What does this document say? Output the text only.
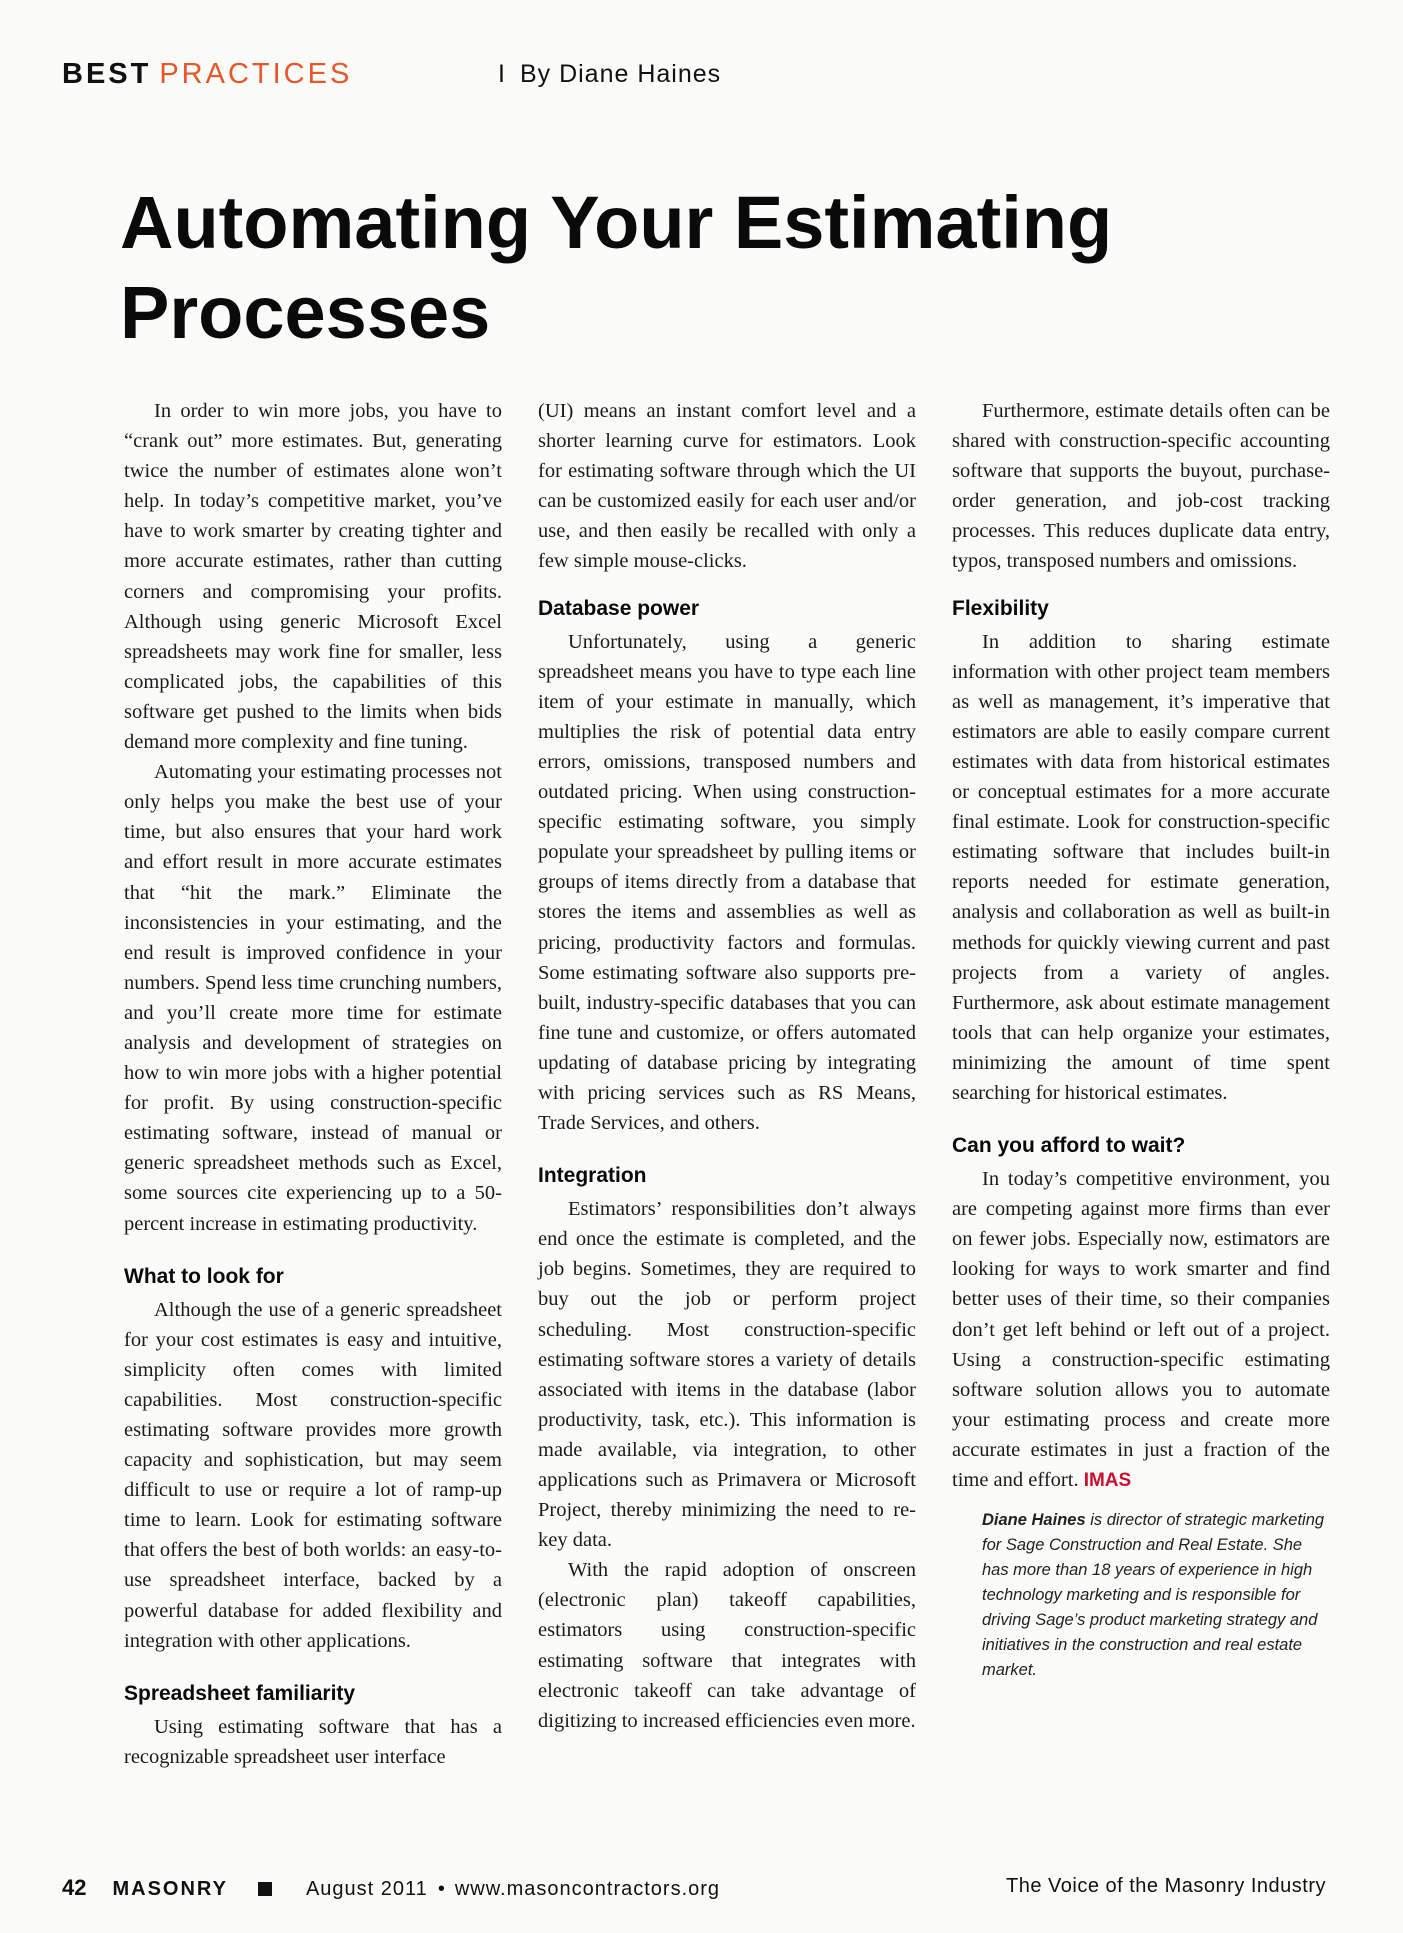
BEST PRACTICES	I By Diane Haines
Automating Your Estimating Processes

In order to win more jobs, you have to “crank out” more estimates. But, generating twice the number of estimates alone won’t help. In today’s competitive market, you’ve have to work smarter by creating tighter and more accurate estimates, rather than cutting corners and compromising your profits. Although using generic Microsoft Excel spreadsheets may work fine for smaller, less complicated jobs, the capabilities of this software get pushed to the limits when bids demand more complexity and fine tuning.

Automating your estimating processes not only helps you make the best use of your time, but also ensures that your hard work and effort result in more accurate estimates that “hit the mark.” Eliminate the inconsistencies in your estimating, and the end result is improved confidence in your numbers. Spend less time crunching numbers, and you’ll create more time for estimate analysis and development of strategies on how to win more jobs with a higher potential for profit. By using construction-specific estimating software, instead of manual or generic spreadsheet methods such as Excel, some sources cite experiencing up to a 50-percent increase in estimating productivity.

What to look for

Although the use of a generic spreadsheet for your cost estimates is easy and intuitive, simplicity often comes with limited capabilities. Most construction-specific estimating software provides more growth capacity and sophistication, but may seem difficult to use or require a lot of ramp-up time to learn. Look for estimating software that offers the best of both worlds: an easy-to-use spreadsheet interface, backed by a powerful database for added flexibility and integration with other applications.

Spreadsheet familiarity

Using estimating software that has a recognizable spreadsheet user interface

(UI) means an instant comfort level and a shorter learning curve for estimators. Look for estimating software through which the UI can be customized easily for each user and/or use, and then easily be recalled with only a few simple mouse-clicks.

Database power

Unfortunately, using a generic spreadsheet means you have to type each line item of your estimate in manually, which multiplies the risk of potential data entry errors, omissions, transposed numbers and outdated pricing. When using construction-specific estimating software, you simply populate your spreadsheet by pulling items or groups of items directly from a database that stores the items and assemblies as well as pricing, productivity factors and formulas. Some estimating software also supports pre-built, industry-specific databases that you can fine tune and customize, or offers automated updating of database pricing by integrating with pricing services such as RS Means, Trade Services, and others.

Integration

Estimators’ responsibilities don’t always end once the estimate is completed, and the job begins. Sometimes, they are required to buy out the job or perform project scheduling. Most construction-specific estimating software stores a variety of details associated with items in the database (labor productivity, task, etc.). This information is made available, via integration, to other applications such as Primavera or Microsoft Project, thereby minimizing the need to re-key data.

With the rapid adoption of onscreen (electronic plan) takeoff capabilities, estimators using construction-specific estimating software that integrates with electronic takeoff can take advantage of digitizing to increased efficiencies even more.

Furthermore, estimate details often can be shared with construction-specific accounting software that supports the buyout, purchase-order generation, and job-cost tracking processes. This reduces duplicate data entry, typos, transposed numbers and omissions.

Flexibility

In addition to sharing estimate information with other project team members as well as management, it’s imperative that estimators are able to easily compare current estimates with data from historical estimates or conceptual estimates for a more accurate final estimate. Look for construction-specific estimating software that includes built-in reports needed for estimate generation, analysis and collaboration as well as built-in methods for quickly viewing current and past projects from a variety of angles. Furthermore, ask about estimate management tools that can help organize your estimates, minimizing the amount of time spent searching for historical estimates.

Can you afford to wait?

In today’s competitive environment, you are competing against more firms than ever on fewer jobs. Especially now, estimators are looking for ways to work smarter and find better uses of their time, so their companies don’t get left behind or left out of a project. Using a construction-specific estimating software solution allows you to automate your estimating process and create more accurate estimates in just a fraction of the time and effort. IMAS

Diane Haines is director of strategic marketing for Sage Construction and Real Estate. She has more than 18 years of experience in high technology marketing and is responsible for driving Sage’s product marketing strategy and initiatives in the construction and real estate market.
42 MASONRY	August 2011 • www.masoncontractors.org	The Voice of the Masonry Industry
